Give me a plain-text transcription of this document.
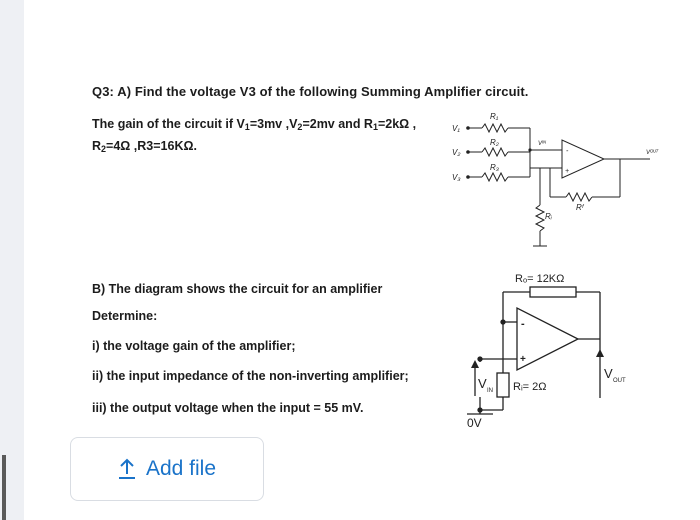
Q3: A) Find the voltage V3 of the following Summing Amplifier circuit.
The gain of the circuit if $V_1=3mv$ $,V_2=2mv$ and $R_1=2k\Omega$ ,
$R_2=4\Omega$ ,R3=16KΩ.
B) The diagram shows the circuit for an amplifier
Determine:
i) the voltage gain of the amplifier;
ii) the input impedance of the non-inverting amplifier;
iii) the output voltage when the input = 55 mV.
V₁
V₂
V₃
R₁
R₂
R₃
Vᴵᴺ
-
+
Vᴼᵁᵀ
Rᶠ
Rᵢ
Rₒ= 12KΩ
Rᵢ= 2Ω
V IN
V OUT
0V
-
+
Add file
